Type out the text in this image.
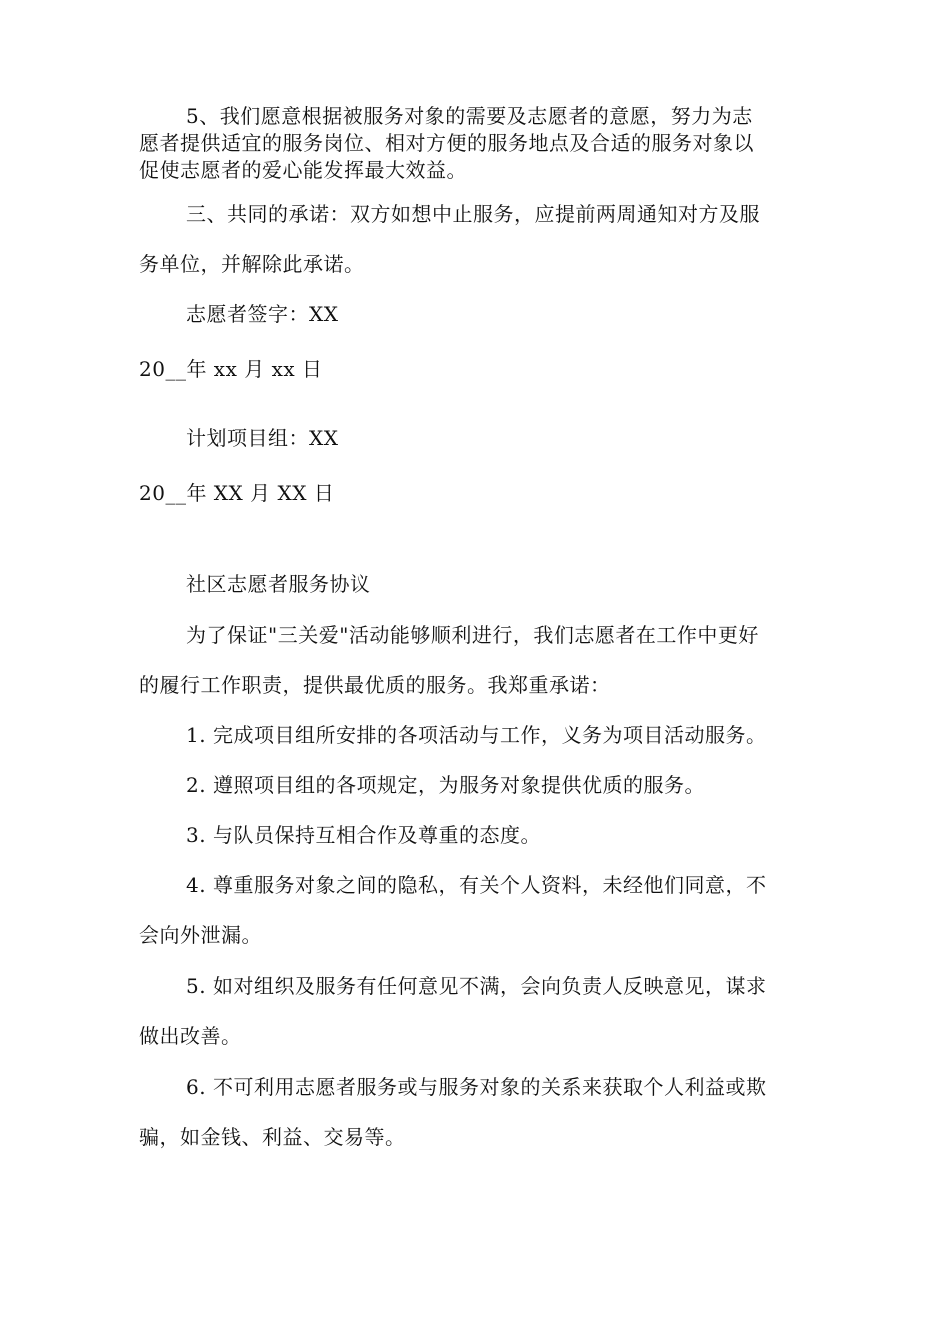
5、我们愿意根据被服务对象的需要及志愿者的意愿，努力为志
愿者提供适宜的服务岗位、相对方便的服务地点及合适的服务对象以
促使志愿者的爱心能发挥最大效益。
三、共同的承诺：双方如想中止服务，应提前两周通知对方及服
务单位，并解除此承诺。
志愿者签字：XX
20__年 xx 月 xx 日
计划项目组：XX
20__年 XX 月 XX 日
社区志愿者服务协议
为了保证"三关爱"活动能够顺利进行，我们志愿者在工作中更好
的履行工作职责，提供最优质的服务。我郑重承诺：
1. 完成项目组所安排的各项活动与工作，义务为项目活动服务。
2. 遵照项目组的各项规定，为服务对象提供优质的服务。
3. 与队员保持互相合作及尊重的态度。
4. 尊重服务对象之间的隐私，有关个人资料，未经他们同意，不
会向外泄漏。
5. 如对组织及服务有任何意见不满，会向负责人反映意见，谋求
做出改善。
6. 不可利用志愿者服务或与服务对象的关系来获取个人利益或欺
骗，如金钱、利益、交易等。
